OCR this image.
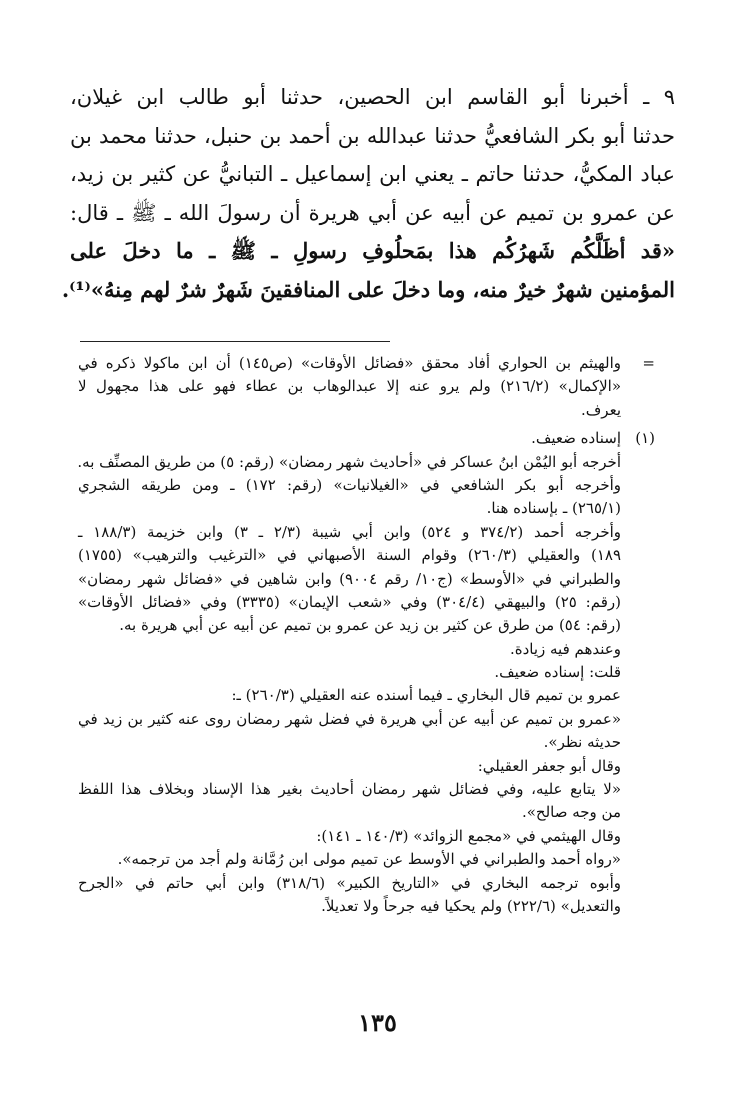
٩ ـ أخبرنا أبو القاسم ابن الحصين، حدثنا أبو طالب ابن غيلان،
حدثنا أبو بكر الشافعيُّ حدثنا عبدالله بن أحمد بن حنبل، حدثنا محمد بن
عباد المكيُّ، حدثنا حاتم ـ يعني ابن إسماعيل ـ التبانيُّ عن كثير بن زيد،
عن عمرو بن تميم عن أبيه عن أبي هريرة أن رسولَ الله ـ ﷺ ـ قال:
«قد أظَلَّكُم شَهرُكُم هذا بمَحلُوفِ رسولِ ـ ﷺ ـ ما دخلَ على
المؤمنين شهرٌ خيرٌ منه، وما دخلَ على المنافقينَ شَهرٌ شرٌ لهم مِنهُ»⁽¹⁾.
=
والهيثم بن الحواري أفاد محقق «فضائل الأوقات» (ص١٤٥) أن ابن ماكولا ذكره في
«الإكمال» (٢١٦/٢) ولم يرو عنه إلا عبدالوهاب بن عطاء فهو على هذا مجهول لا
يعرف.
(١)
إسناده ضعيف.
أخرجه أبو اليُمْن ابنُ عساكر في «أحاديث شهر رمضان» (رقم: ٥) من طريق المصنِّف به.
وأخرجه أبو بكر الشافعي في «الغيلانيات» (رقم: ١٧٢) ـ ومن طريقه الشجري
(٢٦٥/١) ـ بإسناده هنا.
وأخرجه أحمد (٣٧٤/٢ و ٥٢٤) وابن أبي شيبة (٢/٣ ـ ٣) وابن خزيمة (١٨٨/٣ ـ
١٨٩) والعقيلي (٢٦٠/٣) وقوام السنة الأصبهاني في «الترغيب والترهيب» (١٧٥٥)
والطبراني في «الأوسط» (ج١٠/ رقم ٩٠٠٤) وابن شاهين في «فضائل شهر رمضان»
(رقم: ٢٥) والبيهقي (٣٠٤/٤) وفي «شعب الإيمان» (٣٣٣٥) وفي «فضائل الأوقات»
(رقم: ٥٤) من طرق عن كثير بن زيد عن عمرو بن تميم عن أبيه عن أبي هريرة به.
وعندهم فيه زيادة.
قلت: إسناده ضعيف.
عمرو بن تميم قال البخاري ـ فيما أسنده عنه العقيلي (٢٦٠/٣) ـ:
«عمرو بن تميم عن أبيه عن أبي هريرة في فضل شهر رمضان روى عنه كثير بن زيد في
حديثه نظر».
وقال أبو جعفر العقيلي:
«لا يتابع عليه، وفي فضائل شهر رمضان أحاديث بغير هذا الإسناد وبخلاف هذا اللفظ
من وجه صالح».
وقال الهيثمي في «مجمع الزوائد» (١٤٠/٣ ـ ١٤١):
«رواه أحمد والطبراني في الأوسط عن تميم مولى ابن رُمَّانة ولم أجد من ترجمه».
وأبوه ترجمه البخاري في «التاريخ الكبير» (٣١٨/٦) وابن أبي حاتم في «الجرح
والتعديل» (٢٢٢/٦) ولم يحكيا فيه جرحاً ولا تعديلاً.
١٣٥
